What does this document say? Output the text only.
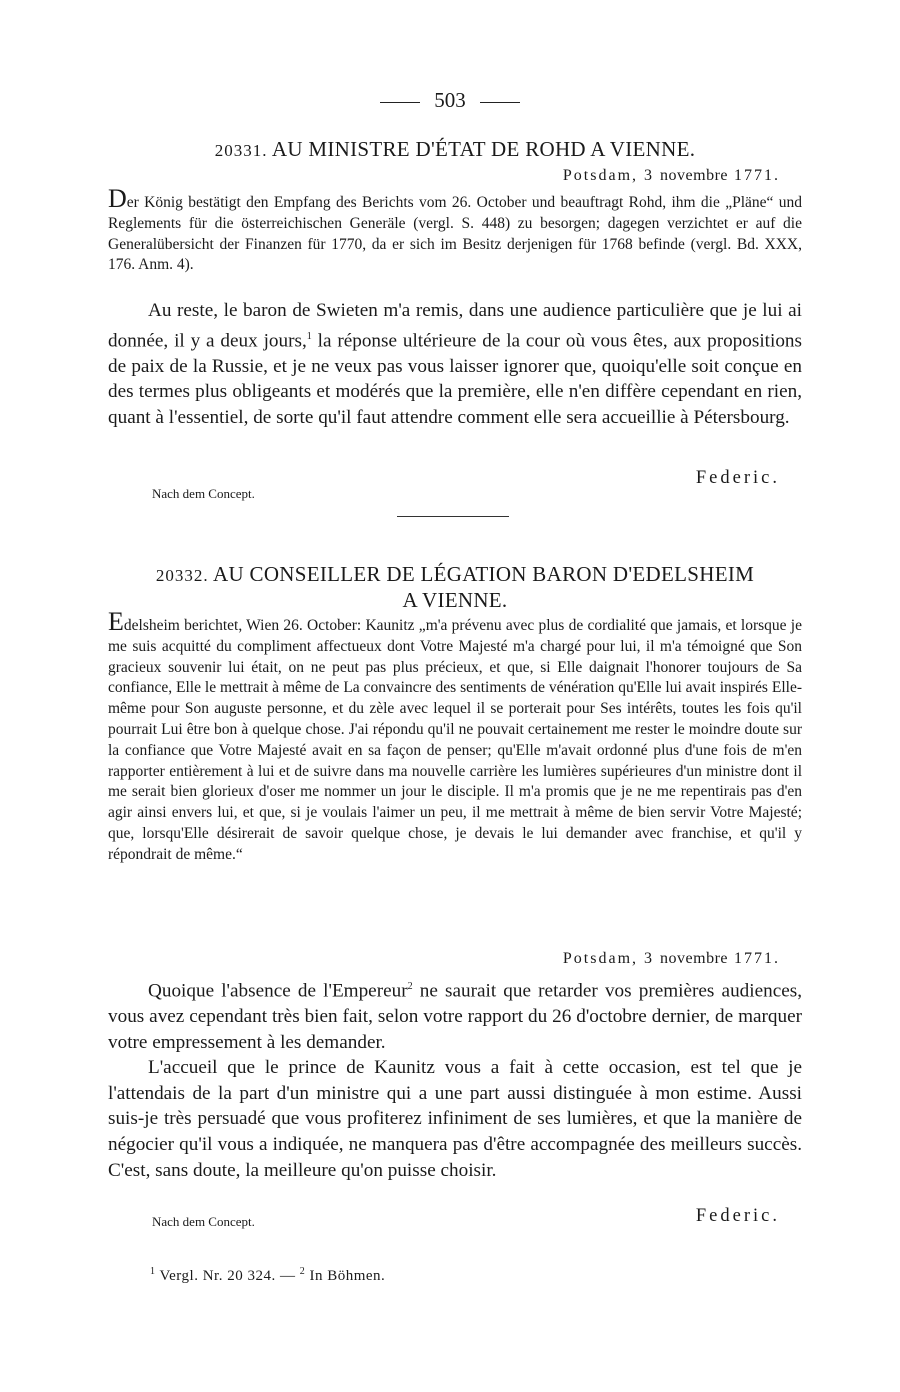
503
20331. AU MINISTRE D'ÉTAT DE ROHD A VIENNE.
Potsdam, 3 novembre 1771.
Der König bestätigt den Empfang des Berichts vom 26. October und beauftragt Rohd, ihm die „Pläne“ und Reglements für die österreichischen Generäle (vergl. S. 448) zu besorgen; dagegen verzichtet er auf die Generalübersicht der Finanzen für 1770, da er sich im Besitz derjenigen für 1768 befinde (vergl. Bd. XXX, 176. Anm. 4).

Au reste, le baron de Swieten m'a remis, dans une audience particulière que je lui ai donnée, il y a deux jours,$^1$ la réponse ultérieure de la cour où vous êtes, aux propositions de paix de la Russie, et je ne veux pas vous laisser ignorer que, quoiqu'elle soit conçue en des termes plus obligeants et modérés que la première, elle n'en diffère cependant en rien, quant à l'essentiel, de sorte qu'il faut attendre comment elle sera accueillie à Pétersbourg.

Federic.
Nach dem Concept.
20332. AU CONSEILLER DE LÉGATION BARON D'EDELSHEIM
A VIENNE.
Edelsheim berichtet, Wien 26. October: Kaunitz „m'a prévenu avec plus de cordialité que jamais, et lorsque je me suis acquitté du compliment affectueux dont Votre Majesté m'a chargé pour lui, il m'a témoigné que Son gracieux souvenir lui était, on ne peut pas plus précieux, et que, si Elle daignait l'honorer toujours de Sa confiance, Elle le mettrait à même de La convaincre des sentiments de vénération qu'Elle lui avait inspirés Elle-même pour Son auguste personne, et du zèle avec lequel il se porterait pour Ses intérêts, toutes les fois qu'il pourrait Lui être bon à quelque chose. J'ai répondu qu'il ne pouvait certainement me rester le moindre doute sur la confiance que Votre Majesté avait en sa façon de penser; qu'Elle m'avait ordonné plus d'une fois de m'en rapporter entièrement à lui et de suivre dans ma nouvelle carrière les lumières supérieures d'un ministre dont il me serait bien glorieux d'oser me nommer un jour le disciple. Il m'a promis que je ne me repentirais pas d'en agir ainsi envers lui, et que, si je voulais l'aimer un peu, il me mettrait à même de bien servir Votre Majesté; que, lorsqu'Elle désirerait de savoir quelque chose, je devais le lui demander avec franchise, et qu'il y répondrait de même.“
Potsdam, 3 novembre 1771.

Quoique l'absence de l'Empereur$^2$ ne saurait que retarder vos premières audiences, vous avez cependant très bien fait, selon votre rapport du 26 d'octobre dernier, de marquer votre empressement à les demander.

L'accueil que le prince de Kaunitz vous a fait à cette occasion, est tel que je l'attendais de la part d'un ministre qui a une part aussi distinguée à mon estime. Aussi suis-je très persuadé que vous profiterez infiniment de ses lumières, et que la manière de négocier qu'il vous a indiquée, ne manquera pas d'être accompagnée des meilleurs succès. C'est, sans doute, la meilleure qu'on puisse choisir.

Federic.
Nach dem Concept.
$^1$ Vergl. Nr. 20 324. — $^2$ In Böhmen.
